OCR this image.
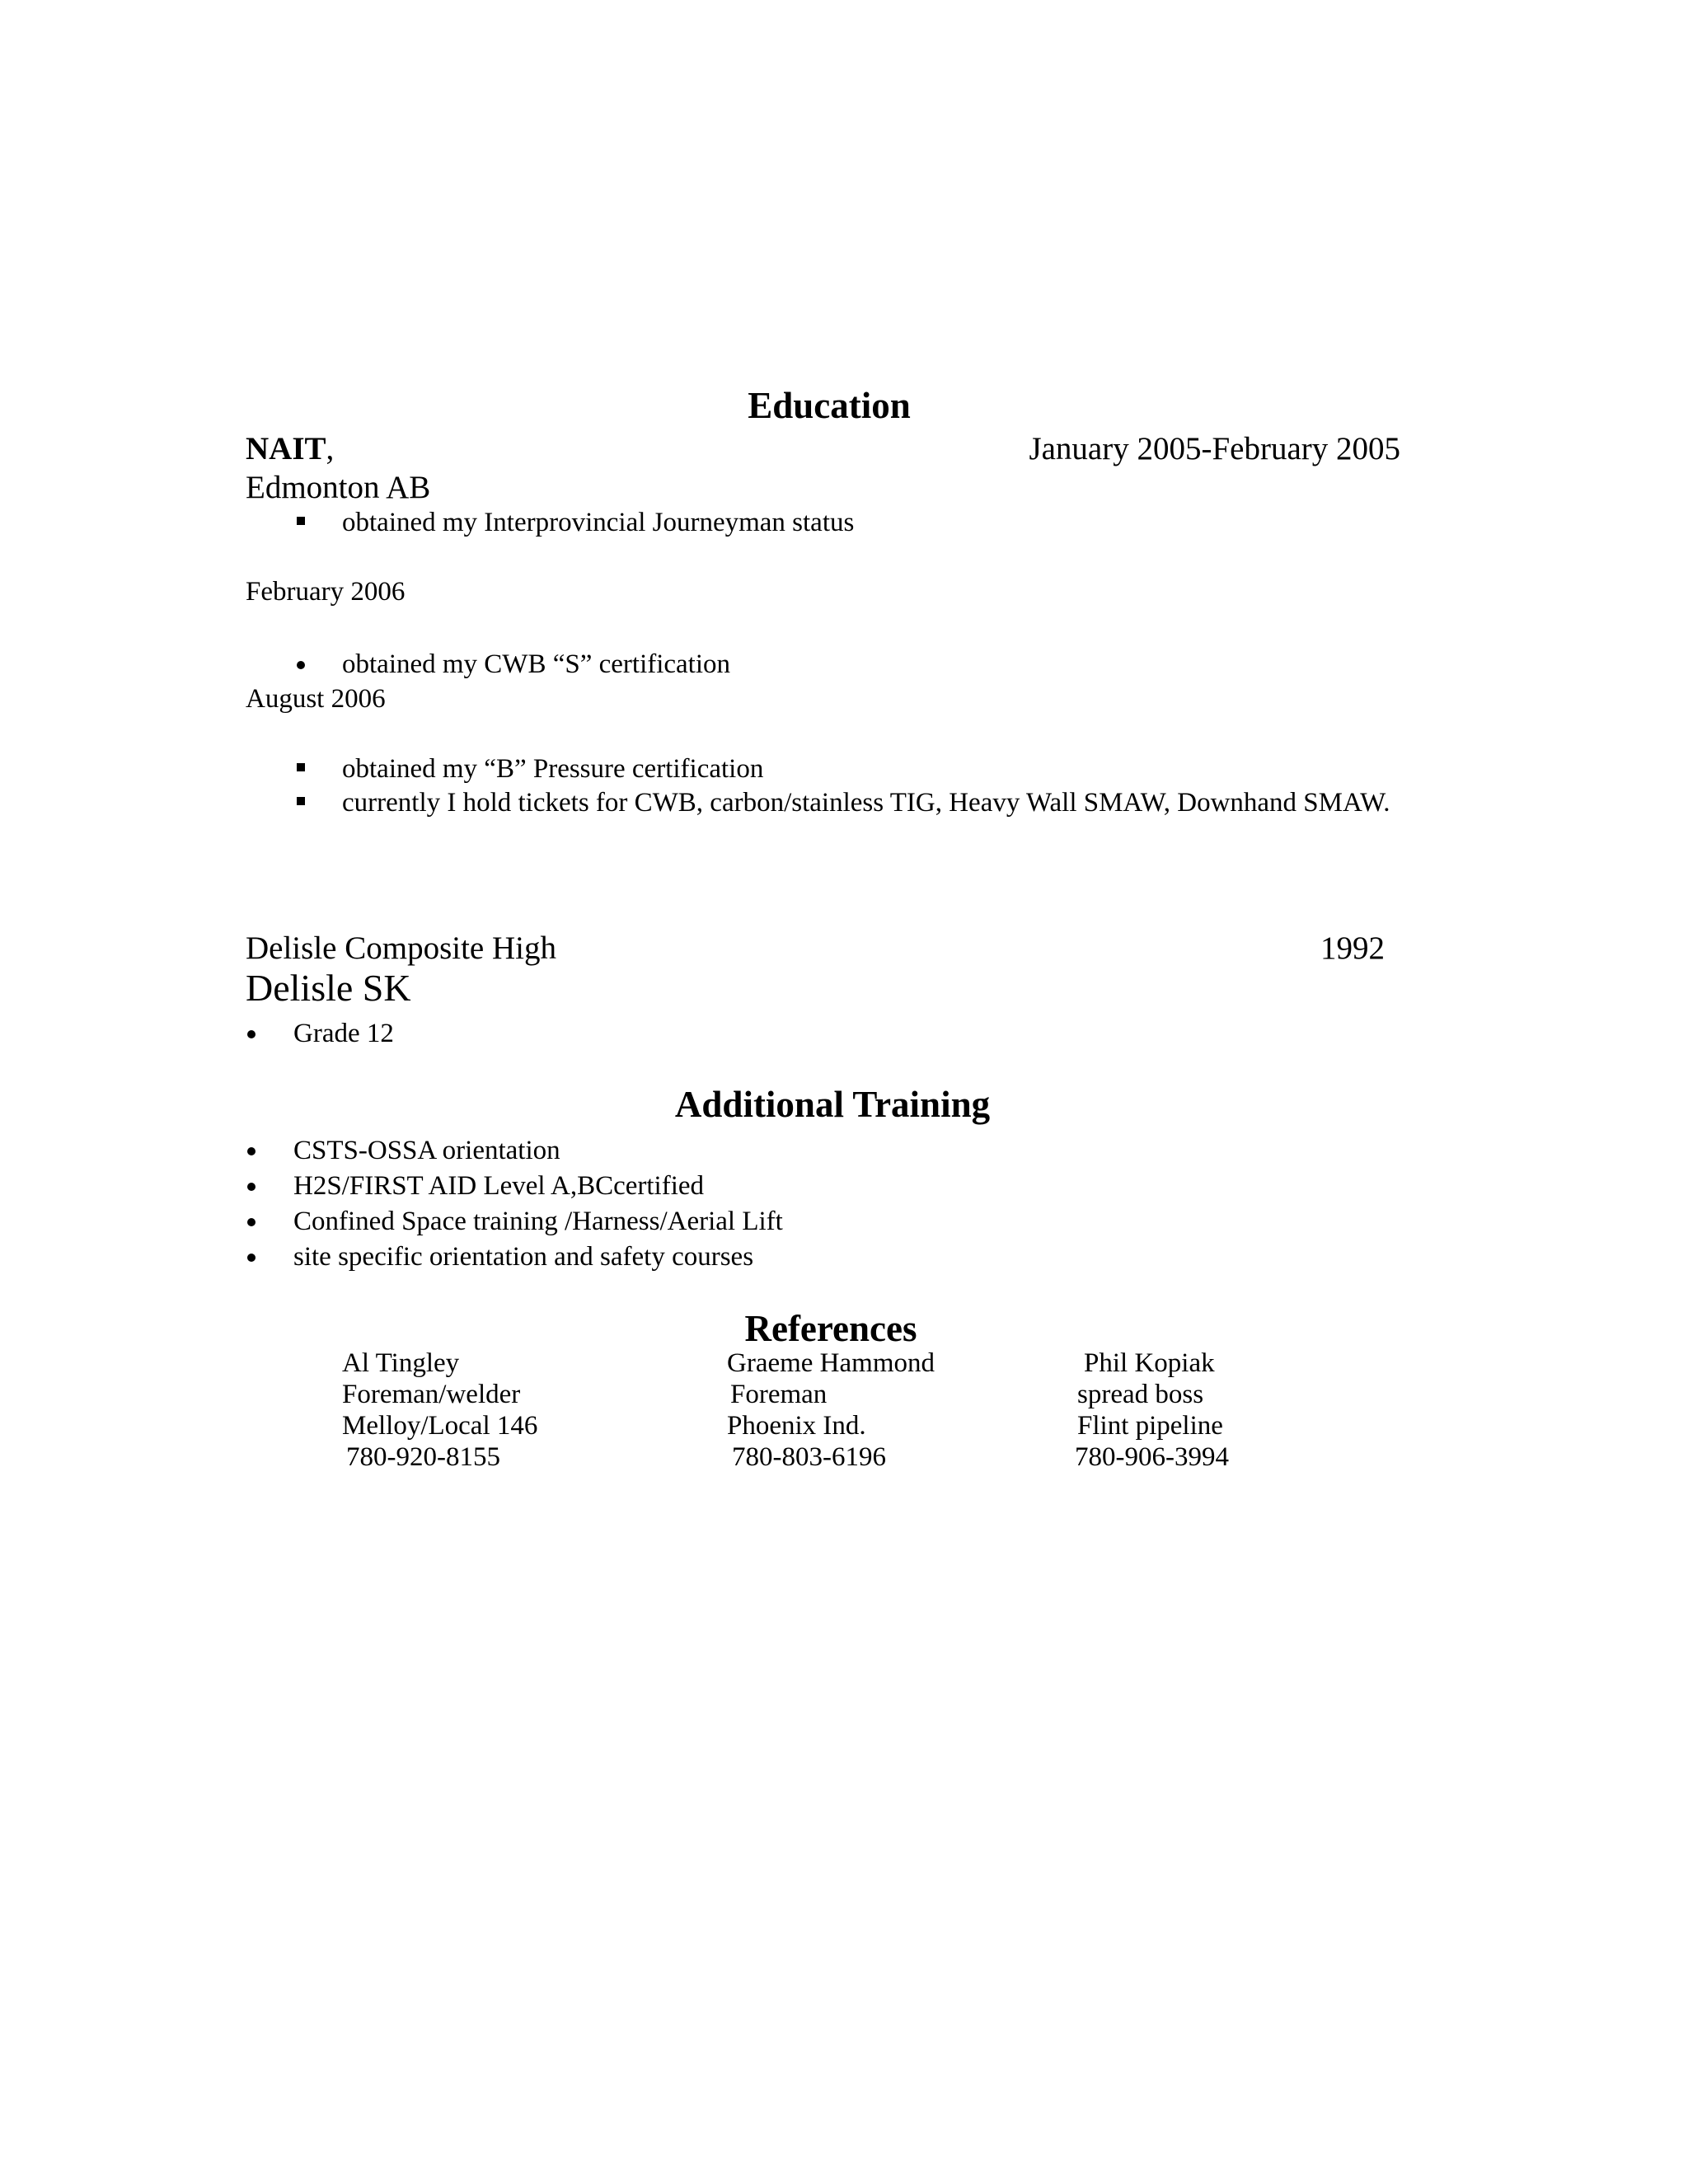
Education
NAIT,	January 2005-February 2005
Edmonton AB
obtained my Interprovincial Journeyman status
February 2006
obtained my CWB “S” certification
August 2006
obtained my “B” Pressure certification
currently I hold tickets for CWB, carbon/stainless TIG, Heavy Wall SMAW, Downhand SMAW.
Delisle Composite High	1992
Delisle SK
Grade 12
Additional Training
CSTS-OSSA orientation
H2S/FIRST AID Level A,BCcertified
Confined Space training /Harness/Aerial Lift
site specific orientation and safety courses
References
Al Tingley
Foreman/welder
Melloy/Local 146
780-920-8155
Graeme Hammond
Foreman
Phoenix Ind.
780-803-6196
Phil Kopiak
spread boss
Flint pipeline
780-906-3994
